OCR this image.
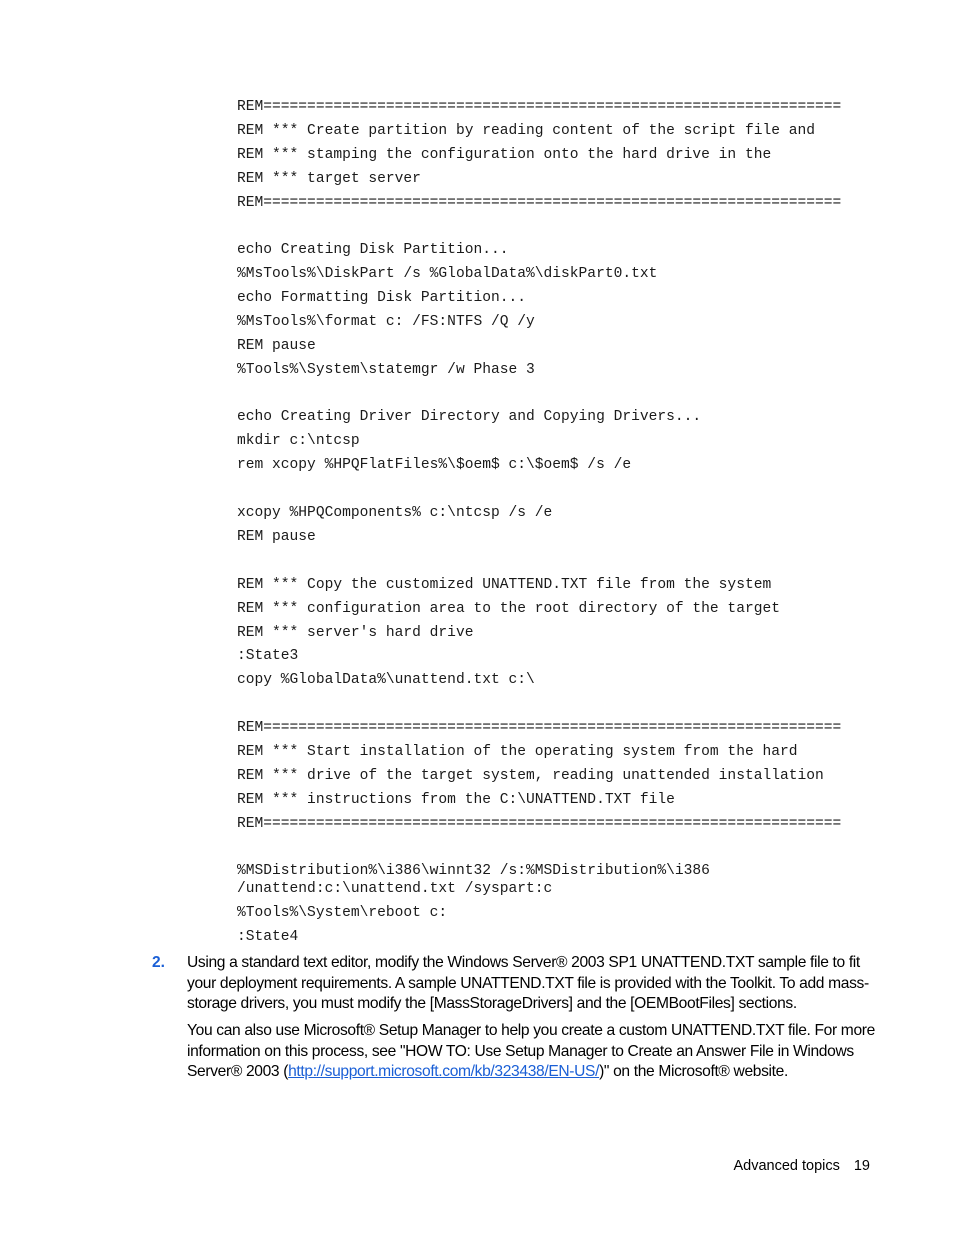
REM==================================================================
REM *** Create partition by reading content of the script file and
REM *** stamping the configuration onto the hard drive in the
REM *** target server
REM==================================================================
echo Creating Disk Partition...
%MsTools%\DiskPart /s %GlobalData%\diskPart0.txt
echo Formatting Disk Partition...
%MsTools%\format c: /FS:NTFS /Q /y
REM pause
%Tools%\System\statemgr /w Phase 3
echo Creating Driver Directory and Copying Drivers...
mkdir c:\ntcsp
rem xcopy %HPQFlatFiles%\$oem$ c:\$oem$ /s /e
xcopy %HPQComponents% c:\ntcsp /s /e
REM pause
REM *** Copy the customized UNATTEND.TXT file from the system
REM *** configuration area to the root directory of the target
REM *** server's hard drive
:State3
copy %GlobalData%\unattend.txt c:\
REM==================================================================
REM *** Start installation of the operating system from the hard
REM *** drive of the target system, reading unattended installation
REM *** instructions from the C:\UNATTEND.TXT file
REM==================================================================
%MSDistribution%\i386\winnt32 /s:%MSDistribution%\i386
/unattend:c:\unattend.txt /syspart:c
%Tools%\System\reboot c:
:State4
2. Using a standard text editor, modify the Windows Server® 2003 SP1 UNATTEND.TXT sample file to fit your deployment requirements. A sample UNATTEND.TXT file is provided with the Toolkit. To add mass-storage drivers, you must modify the [MassStorageDrivers] and the [OEMBootFiles] sections.
You can also use Microsoft® Setup Manager to help you create a custom UNATTEND.TXT file. For more information on this process, see "HOW TO: Use Setup Manager to Create an Answer File in Windows Server® 2003 (http://support.microsoft.com/kb/323438/EN-US/)" on the Microsoft® website.
Advanced topics 19
